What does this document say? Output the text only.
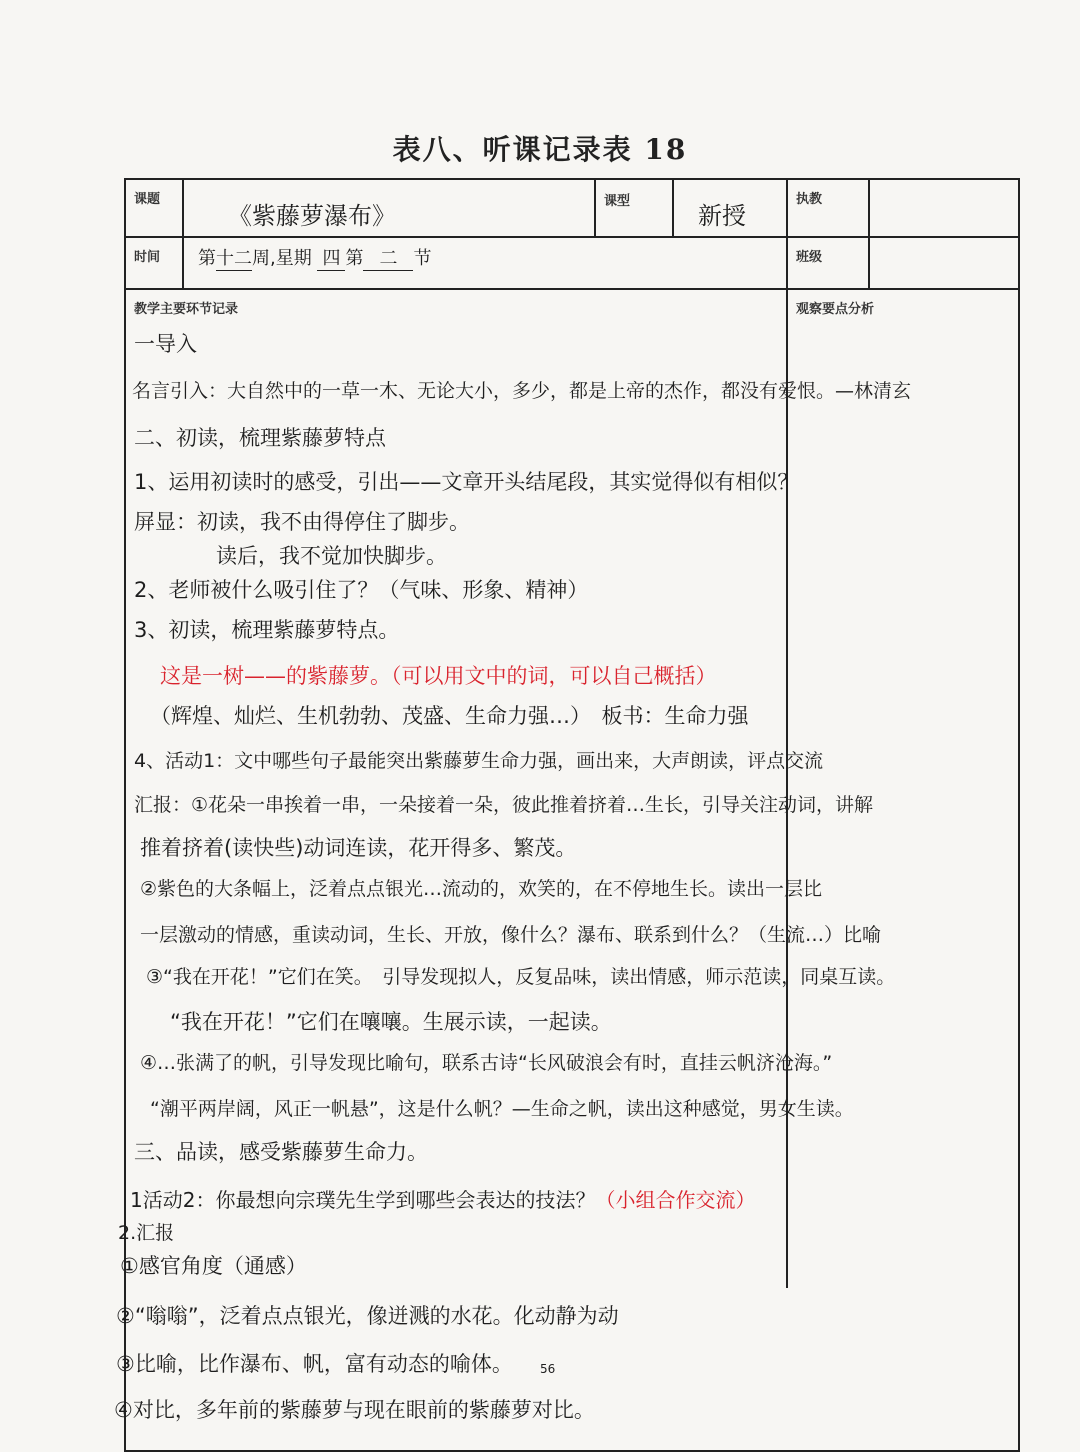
表八、听课记录表 18
课题
《紫藤萝瀑布》
课型
新授
执教
时间 第十二周,星期 四 第 二 节	班级
教学主要环节记录	观察要点分析
一导入
名言引入：大自然中的一草一木、无论大小，多少，都是上帝的杰作，都没有爱恨。—林清玄
二、初读，梳理紫藤萝特点
1、运用初读时的感受，引出——文章开头结尾段，其实觉得似有相似？
屏显：初读，我不由得停住了脚步。
读后，我不觉加快脚步。
2、老师被什么吸引住了？（气味、形象、精神）
3、初读，梳理紫藤萝特点。
这是一树——的紫藤萝。（可以用文中的词，可以自己概括）
（辉煌、灿烂、生机勃勃、茂盛、生命力强…）　板书：生命力强
4、活动1：文中哪些句子最能突出紫藤萝生命力强，画出来，大声朗读，评点交流
汇报：①花朵一串挨着一串，一朵接着一朵，彼此推着挤着…生长，引导关注动词，讲解
推着挤着(读快些)动词连读，花开得多、繁茂。
②紫色的大条幅上，泛着点点银光…流动的，欢笑的，在不停地生长。读出一层比
一层激动的情感，重读动词，生长、开放，像什么？瀑布、联系到什么？（生流…）比喻
③“我在开花！”它们在笑。　引导发现拟人，反复品味，读出情感，师示范读，同桌互读。
“我在开花！”它们在嚷嚷。生展示读，一起读。
④…张满了的帆，引导发现比喻句，联系古诗“长风破浪会有时，直挂云帆济沧海。”
“潮平两岸阔，风正一帆悬”，这是什么帆？—生命之帆，读出这种感觉，男女生读。
三、品读，感受紫藤萝生命力。
1活动2：你最想向宗璞先生学到哪些会表达的技法？（小组合作交流）
2.汇报
①感官角度（通感）
②“嗡嗡”，泛着点点银光，像迸溅的水花。化动静为动
③比喻，比作瀑布、帆，富有动态的喻体。 56
④对比，多年前的紫藤萝与现在眼前的紫藤萝对比。
